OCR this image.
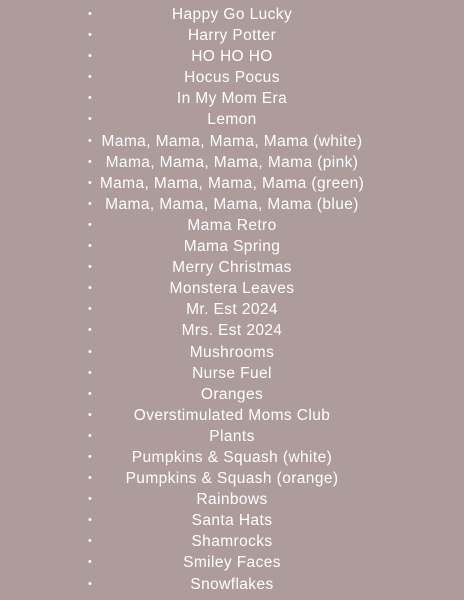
•	Happy Go Lucky
•	Harry Potter
•	HO HO HO
•	Hocus Pocus
•	In My Mom Era
•	Lemon
• Mama, Mama, Mama, Mama (white)
• Mama, Mama, Mama, Mama (pink)
• Mama, Mama, Mama, Mama (green)
• Mama, Mama, Mama, Mama (blue)
•	Mama Retro
•	Mama Spring
•	Merry Christmas
•	Monstera Leaves
•	Mr. Est 2024
•	Mrs. Est 2024
•	Mushrooms
•	Nurse Fuel
•	Oranges
•	Overstimulated Moms Club
•	Plants
•	Pumpkins & Squash (white)
• Pumpkins & Squash (orange)
•	Rainbows
•	Santa Hats
•	Shamrocks
•	Smiley Faces
•	Snowflakes
